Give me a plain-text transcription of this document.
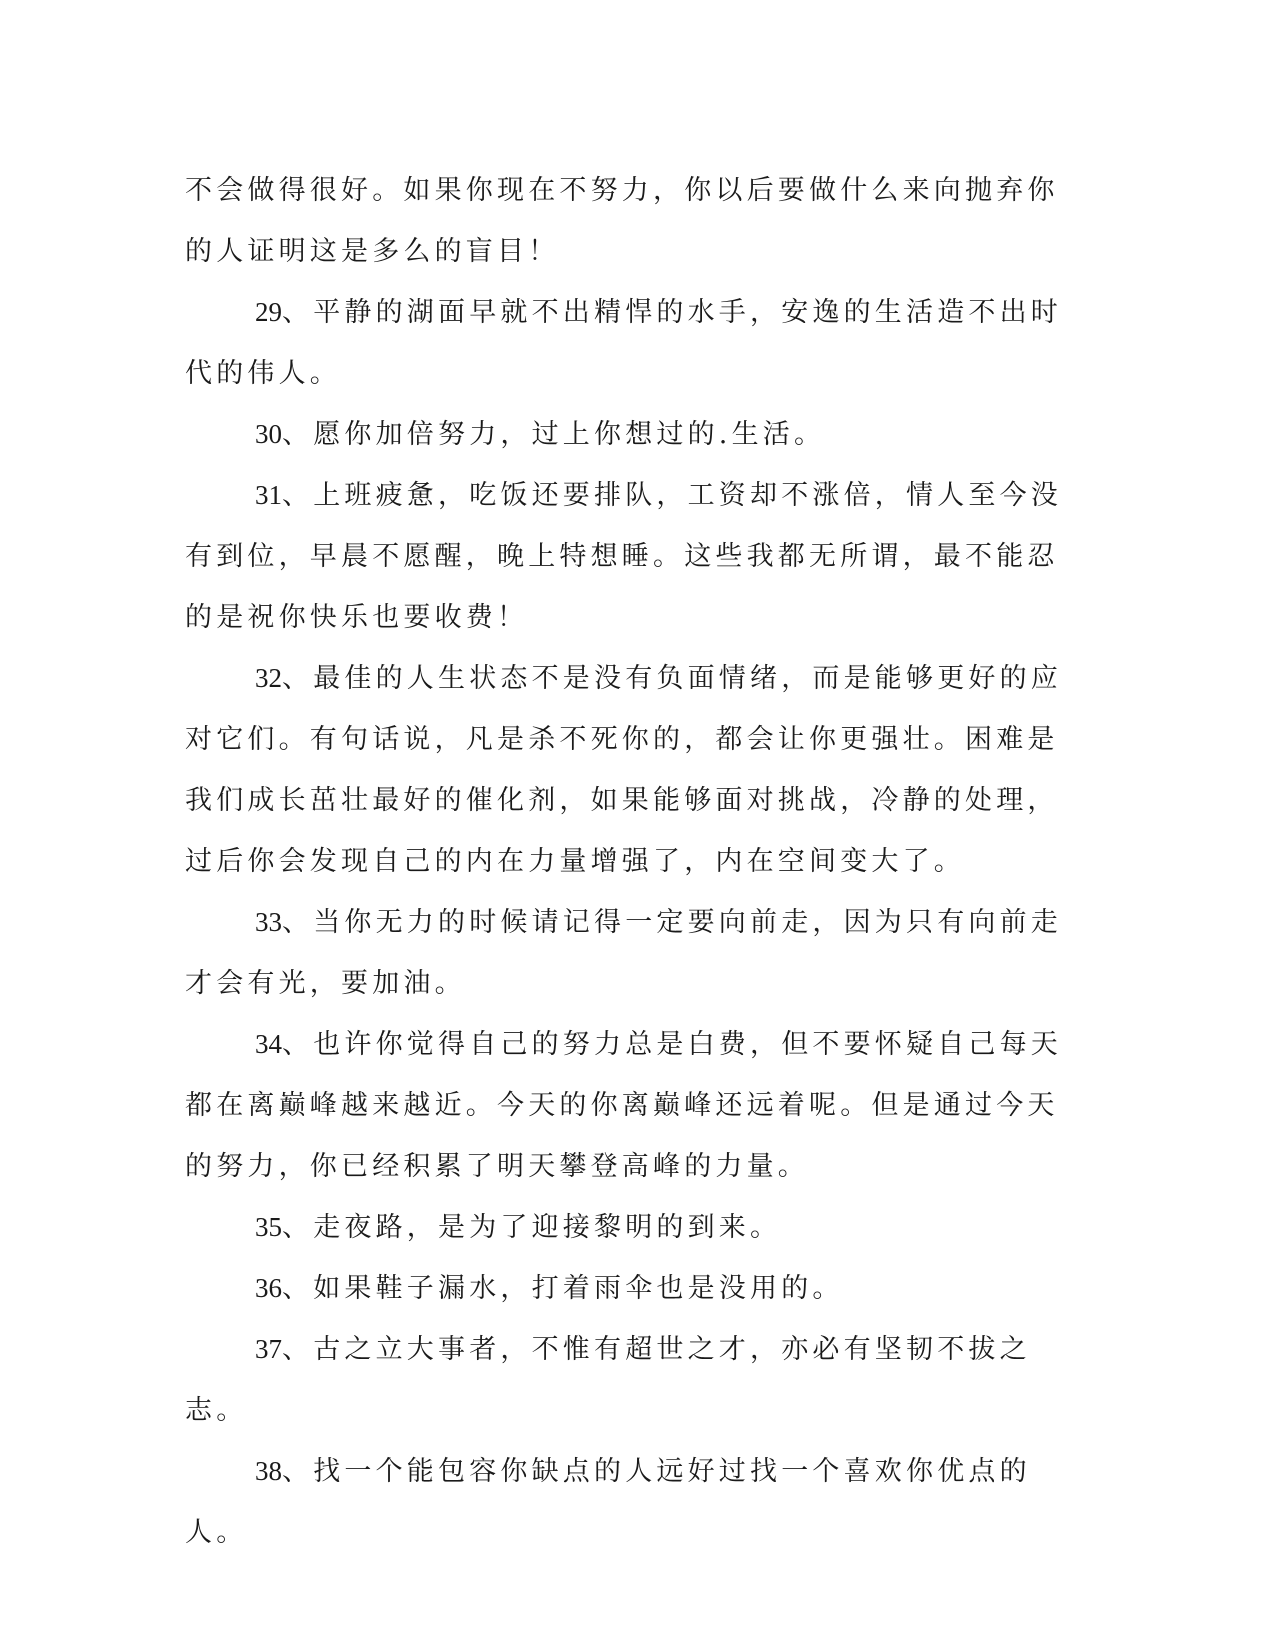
不会做得很好。如果你现在不努力，你以后要做什么来向抛弃你的人证明这是多么的盲目！

29、平静的湖面早就不出精悍的水手，安逸的生活造不出时代的伟人。

30、愿你加倍努力，过上你想过的.生活。

31、上班疲惫，吃饭还要排队，工资却不涨倍，情人至今没有到位，早晨不愿醒，晚上特想睡。这些我都无所谓，最不能忍的是祝你快乐也要收费！

32、最佳的人生状态不是没有负面情绪，而是能够更好的应对它们。有句话说，凡是杀不死你的，都会让你更强壮。困难是我们成长茁壮最好的催化剂，如果能够面对挑战，冷静的处理，过后你会发现自己的内在力量增强了，内在空间变大了。

33、当你无力的时候请记得一定要向前走，因为只有向前走才会有光，要加油。

34、也许你觉得自己的努力总是白费，但不要怀疑自己每天都在离巅峰越来越近。今天的你离巅峰还远着呢。但是通过今天的努力，你已经积累了明天攀登高峰的力量。

35、走夜路，是为了迎接黎明的到来。

36、如果鞋子漏水，打着雨伞也是没用的。

37、古之立大事者，不惟有超世之才，亦必有坚韧不拔之志。

38、找一个能包容你缺点的人远好过找一个喜欢你优点的人。
